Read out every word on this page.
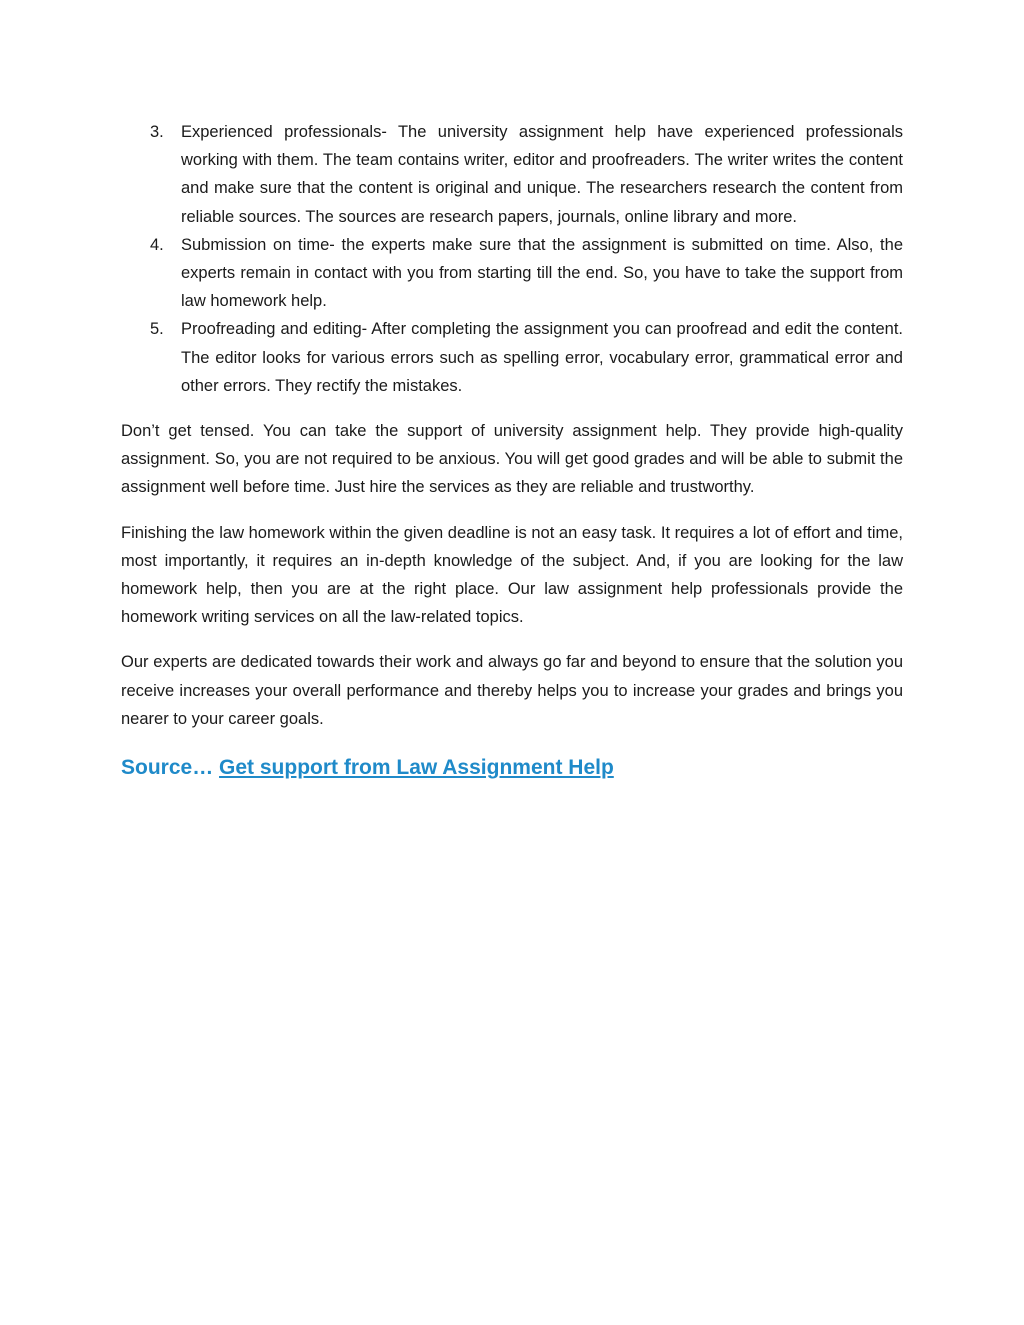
3.	Experienced professionals- The university assignment help have experienced professionals working with them. The team contains writer, editor and proofreaders. The writer writes the content and make sure that the content is original and unique. The researchers research the content from reliable sources. The sources are research papers, journals, online library and more.
4.	Submission on time- the experts make sure that the assignment is submitted on time. Also, the experts remain in contact with you from starting till the end. So, you have to take the support from law homework help.
5.	Proofreading and editing- After completing the assignment you can proofread and edit the content. The editor looks for various errors such as spelling error, vocabulary error, grammatical error and other errors. They rectify the mistakes.

Don’t get tensed. You can take the support of university assignment help. They provide high-quality assignment. So, you are not required to be anxious. You will get good grades and will be able to submit the assignment well before time. Just hire the services as they are reliable and trustworthy.

Finishing the law homework within the given deadline is not an easy task. It requires a lot of effort and time, most importantly, it requires an in-depth knowledge of the subject. And, if you are looking for the law homework help, then you are at the right place. Our law assignment help professionals provide the homework writing services on all the law-related topics.

Our experts are dedicated towards their work and always go far and beyond to ensure that the solution you receive increases your overall performance and thereby helps you to increase your grades and brings you nearer to your career goals.

Source… Get support from Law Assignment Help
